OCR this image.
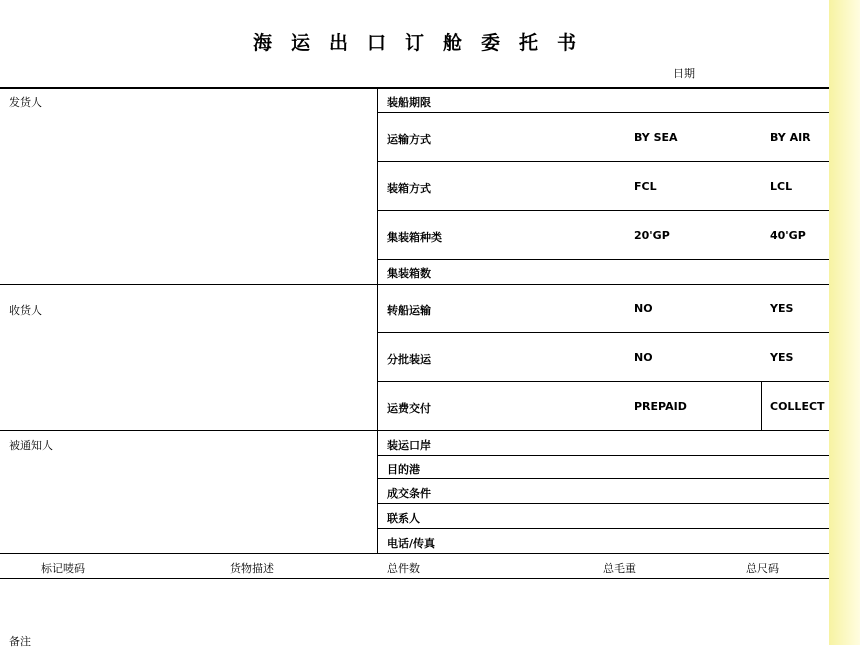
海运出口订舱委托书
日期
发货人
收货人
被通知人
装船期限
运输方式	BY SEA	BY AIR
装箱方式	FCL	LCL
集装箱种类	20'GP	40'GP
集装箱数
转船运输	NO	YES
分批装运	NO	YES
运费交付	PREPAID	COLLECT
装运口岸
目的港
成交条件
联系人
电话/传真
标记唛码	货物描述	总件数	总毛重	总尺码
备注
